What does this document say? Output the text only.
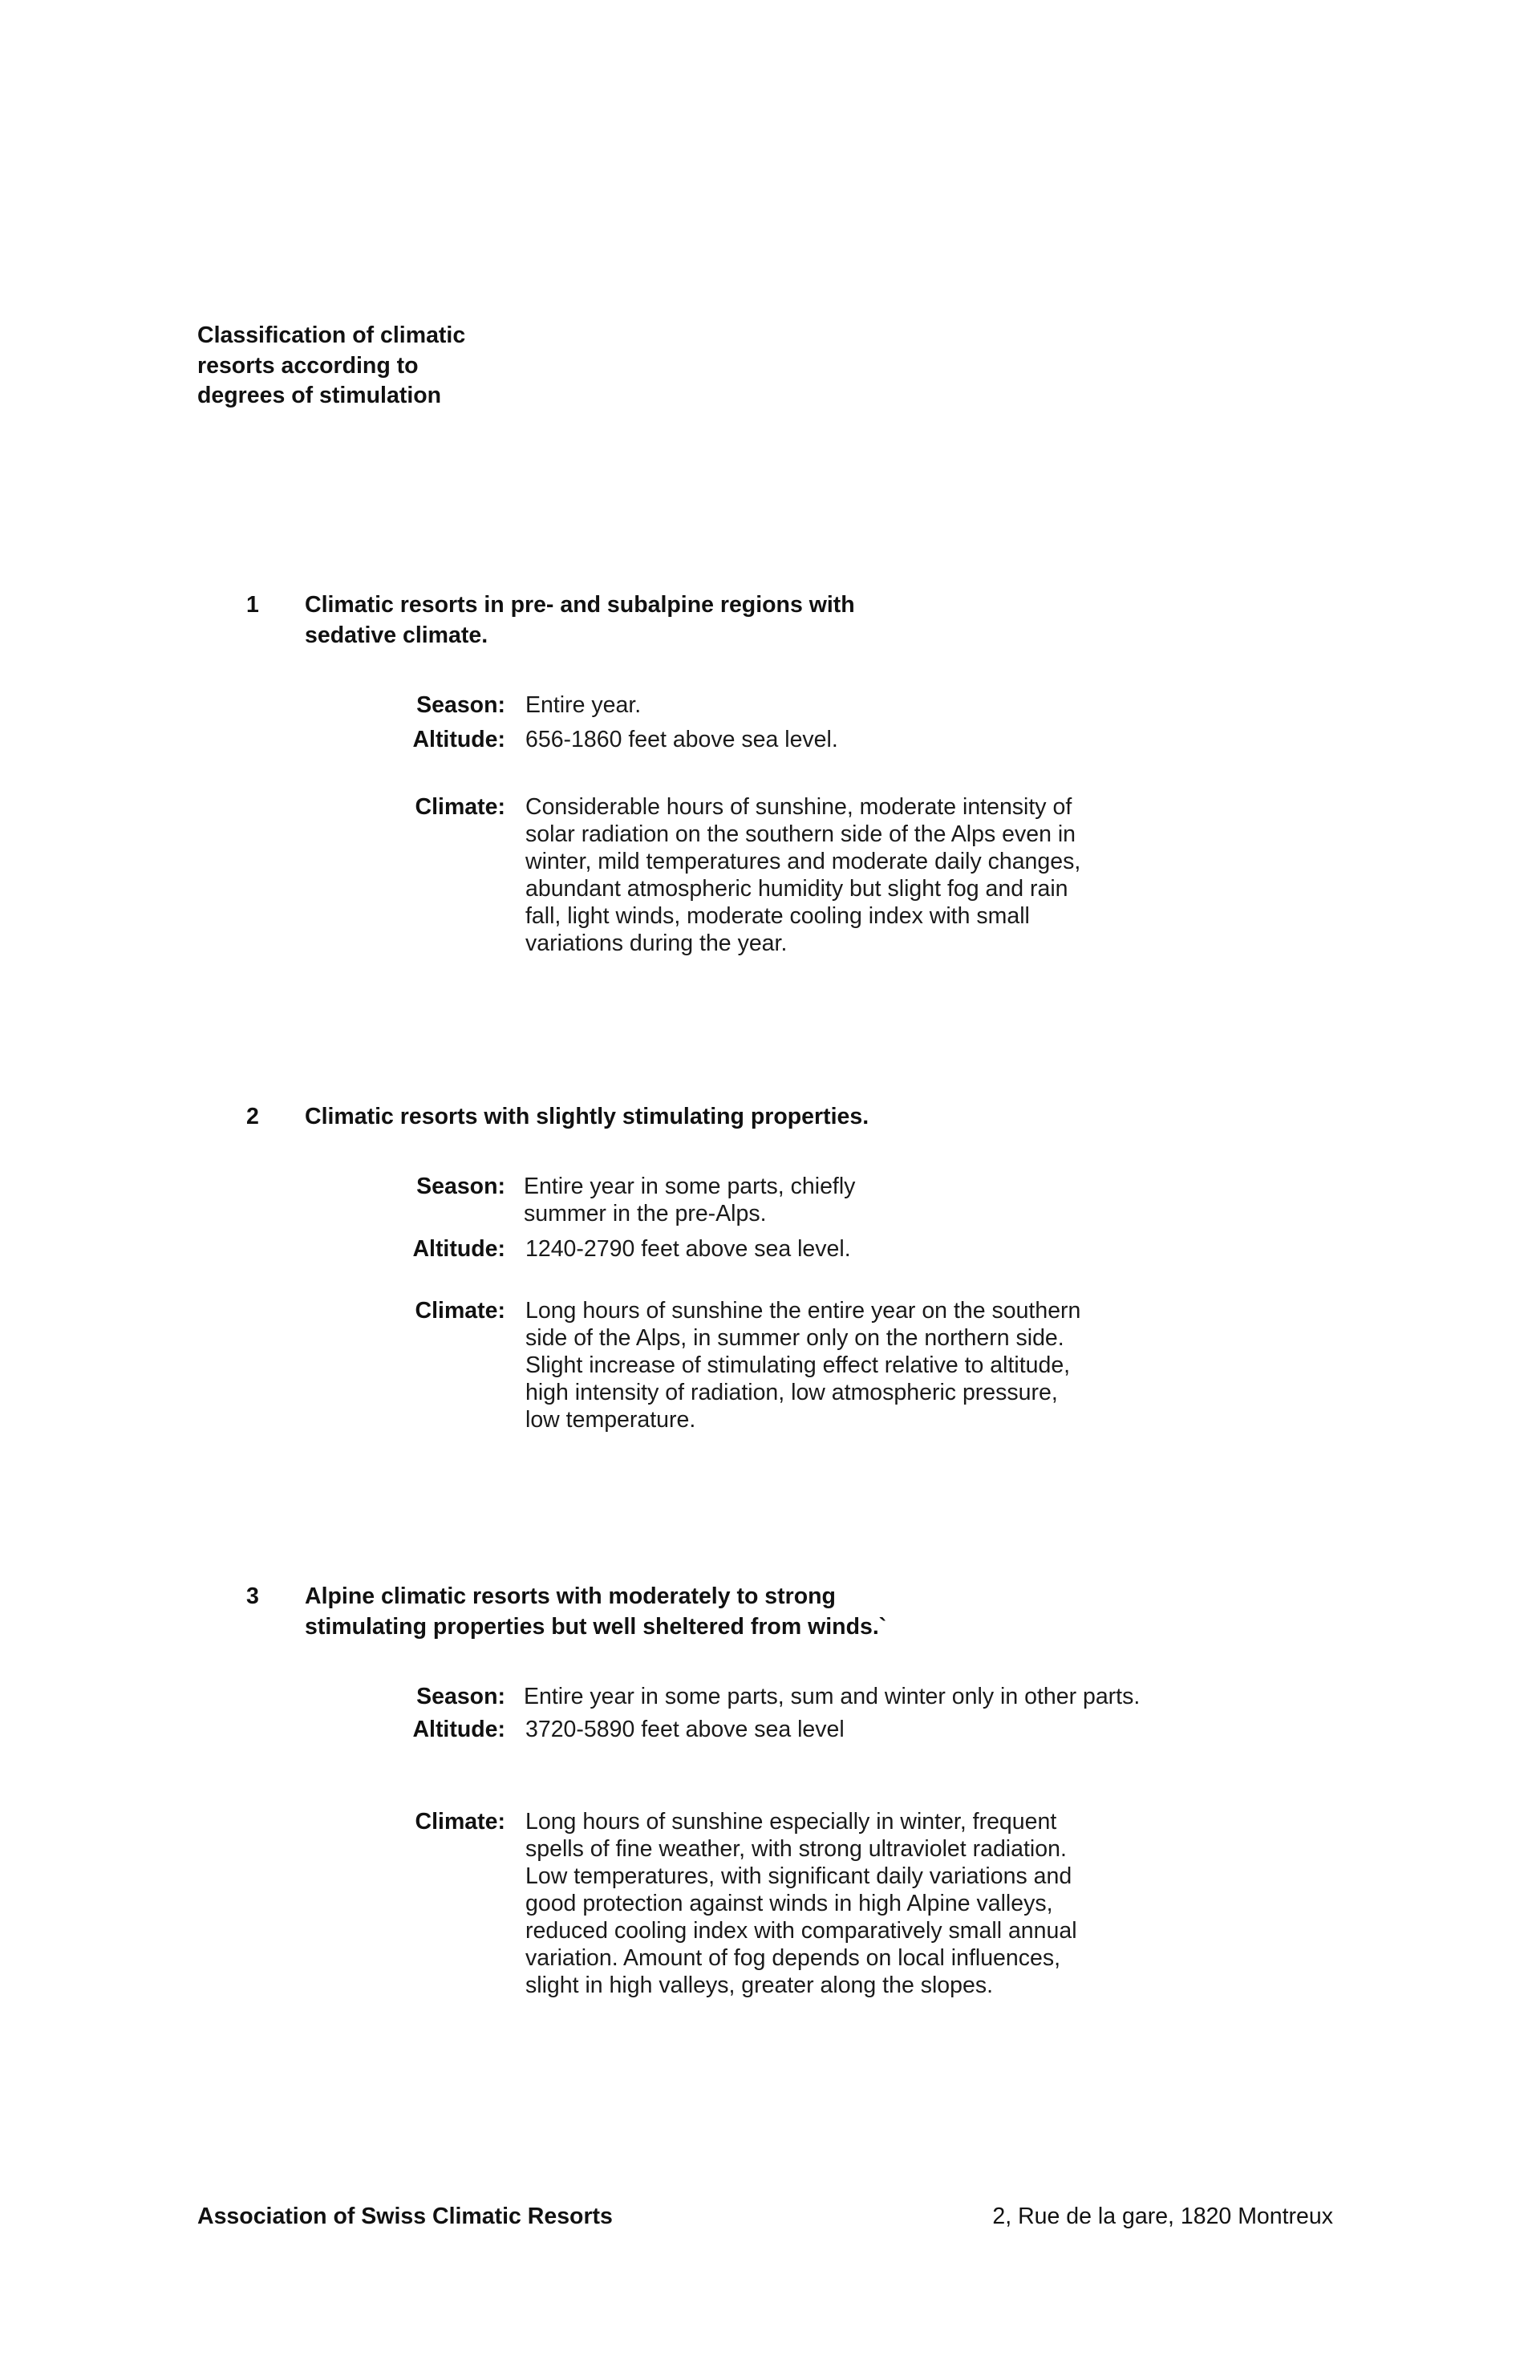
Classification of climatic
resorts according to
degrees of stimulation
1 Climatic resorts in pre- and subalpine regions with
sedative climate.
Season: Entire year.
Altitude: 656-1860 feet above sea level.
Climate: Considerable hours of sunshine, moderate intensity of
solar radiation on the southern side of the Alps even in
winter, mild temperatures and moderate daily changes,
abundant atmospheric humidity but slight fog and rain
fall, light winds, moderate cooling index with small
variations during the year.
2 Climatic resorts with slightly stimulating properties.
Season: Entire year in some parts, chiefly
summer in the pre-Alps.
Altitude: 1240-2790 feet above sea level.
Climate: Long hours of sunshine the entire year on the southern
side of the Alps, in summer only on the northern side.
Slight increase of stimulating effect relative to altitude,
high intensity of radiation, low atmospheric pressure,
low temperature.
3 Alpine climatic resorts with moderately to strong
stimulating properties but well sheltered from winds.`
Season: Entire year in some parts, sum and winter only in other parts.
Altitude: 3720-5890 feet above sea level
Climate: Long hours of sunshine especially in winter, frequent
spells of fine weather, with strong ultraviolet radiation.
Low temperatures, with significant daily variations and
good protection against winds in high Alpine valleys,
reduced cooling index with comparatively small annual
variation. Amount of fog depends on local influences,
slight in high valleys, greater along the slopes.
Association of Swiss Climatic Resorts	2, Rue de la gare, 1820 Montreux
